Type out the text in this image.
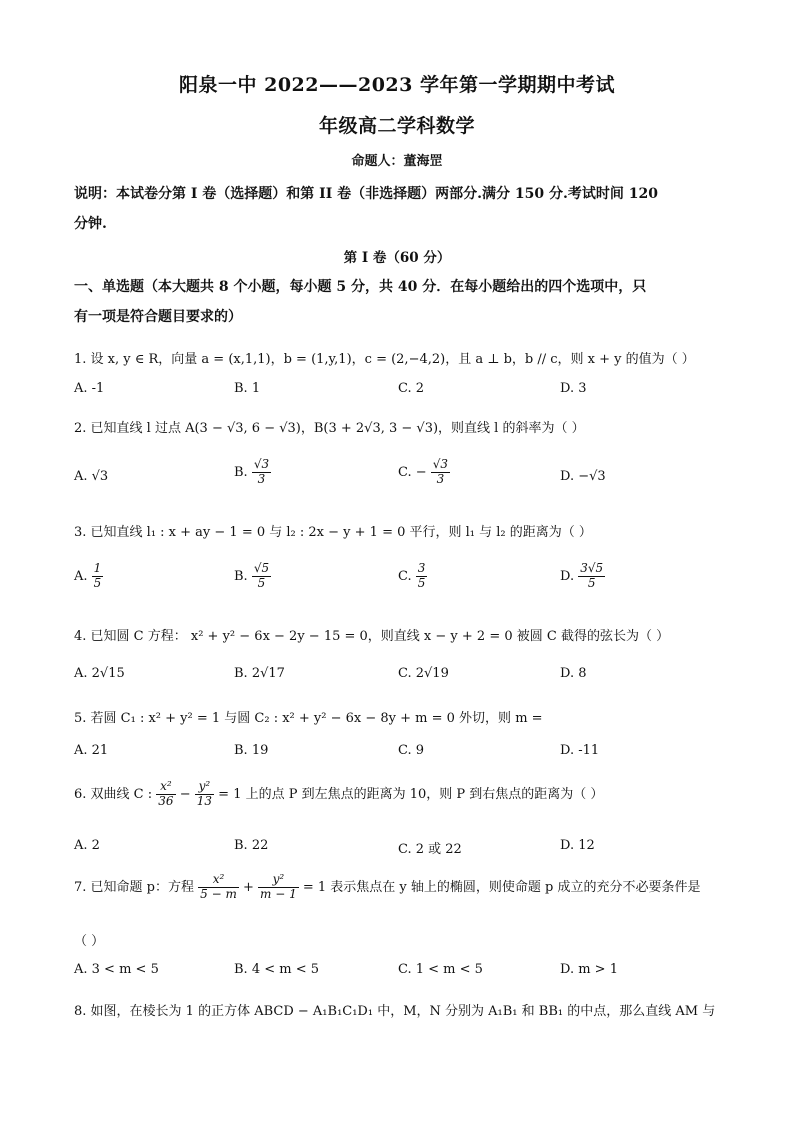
阳泉一中 2022——2023 学年第一学期期中考试
年级高二学科数学
命题人：董海罡
说明：本试卷分第 I 卷（选择题）和第 II 卷（非选择题）两部分.满分 150 分.考试时间 120
分钟.
第 I 卷（60 分）
一、单选题（本大题共 8 个小题，每小题 5 分，共 40 分．在每小题给出的四个选项中，只
有一项是符合题目要求的）
1. 设 x, y ∈ R，向量 a = (x,1,1)，b = (1,y,1)，c = (2,−4,2)，且 a ⊥ b，b // c，则 x + y 的值为（ ）
A. -1	B. 1	C. 2	D. 3
2. 已知直线 l 过点 A(3 − √3, 6 − √3)，B(3 + 2√3, 3 − √3)，则直线 l 的斜率为（ ）
A. √3	B. $\frac{√3}{3}$	C. − $\frac{√3}{3}$	D. −√3
3. 已知直线 l₁ : x + ay − 1 = 0 与 l₂ : 2x − y + 1 = 0 平行，则 l₁ 与 l₂ 的距离为（ ）
A. $\frac{1}{5}$	B. $\frac{√5}{5}$	C. $\frac{3}{5}$	D. $\frac{3√5}{5}$
4. 已知圆 C 方程： x² + y² − 6x − 2y − 15 = 0，则直线 x − y + 2 = 0 被圆 C 截得的弦长为（ ）
A. 2√15	B. 2√17	C. 2√19	D. 8
5. 若圆 C₁ : x² + y² = 1 与圆 C₂ : x² + y² − 6x − 8y + m = 0 外切，则 m =
A. 21	B. 19	C. 9	D. -11
6. 双曲线 C : $\frac{\text{x²}}{36} - \frac{\text{y²}}{13} = 1$ 上的点 P 到左焦点的距离为 10，则 P 到右焦点的距离为（ ）
A. 2	B. 22	C. 2 或 22	D. 12
7. 已知命题 p：方程 $\frac{\text{x²}}{5 - m} + \frac{\text{y²}}{m - 1} = 1$ 表示焦点在 y 轴上的椭圆，则使命题 p 成立的充分不必要条件是
（ ）
A. 3 < m < 5	B. 4 < m < 5	C. 1 < m < 5	D. m > 1
8. 如图，在棱长为 1 的正方体 ABCD − A₁B₁C₁D₁ 中，M，N 分别为 A₁B₁ 和 BB₁ 的中点，那么直线 AM 与
